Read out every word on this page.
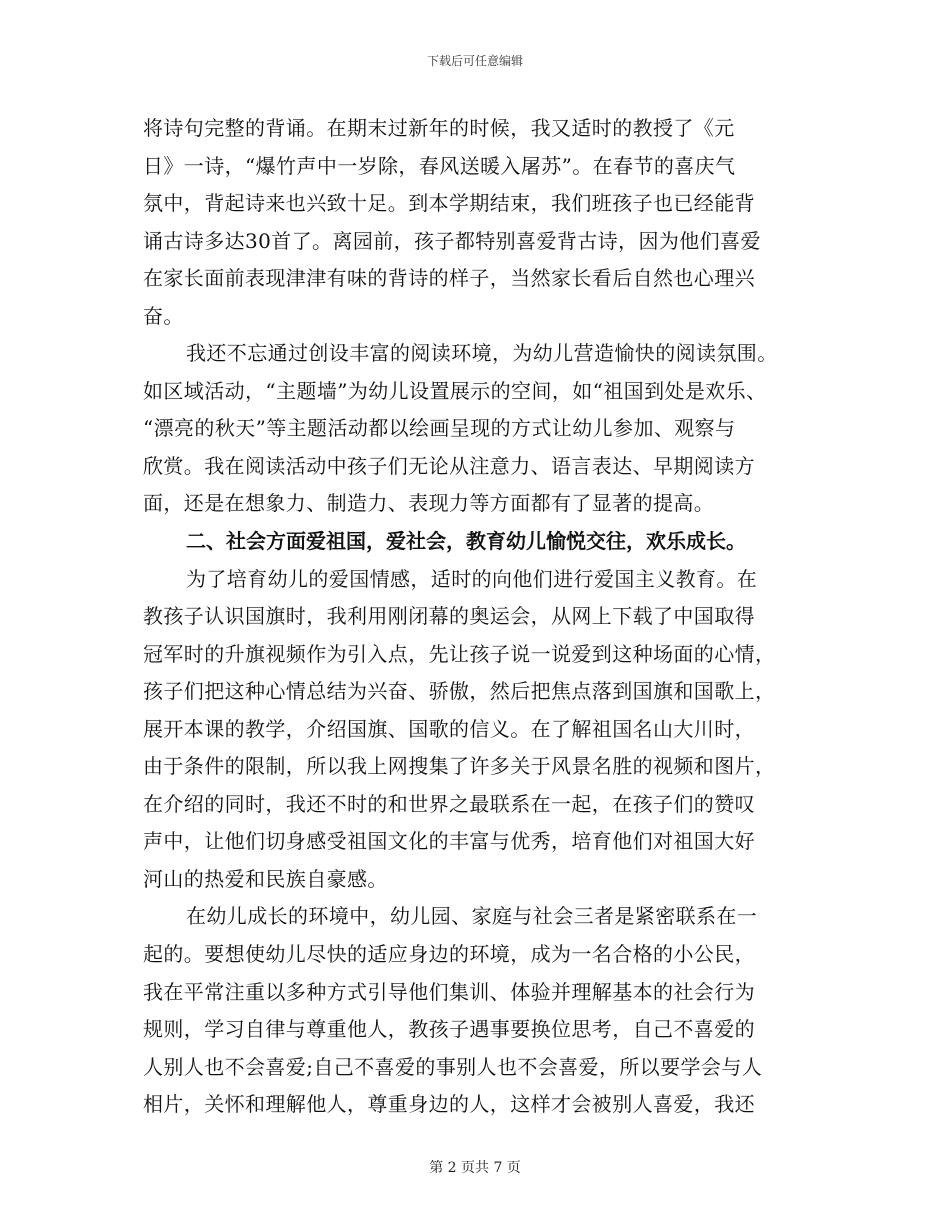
下载后可任意编辑
将诗句完整的背诵。在期末过新年的时候，我又适时的教授了《元
日》一诗，“爆竹声中一岁除，春风送暖入屠苏”。在春节的喜庆气
氛中，背起诗来也兴致十足。到本学期结束，我们班孩子也已经能背
诵古诗多达30首了。离园前，孩子都特别喜爱背古诗，因为他们喜爱
在家长面前表现津津有味的背诗的样子，当然家长看后自然也心理兴
奋。
我还不忘通过创设丰富的阅读环境，为幼儿营造愉快的阅读氛围。
如区域活动，“主题墙”为幼儿设置展示的空间，如“祖国到处是欢乐、
“漂亮的秋天”等主题活动都以绘画呈现的方式让幼儿参加、观察与
欣赏。我在阅读活动中孩子们无论从注意力、语言表达、早期阅读方
面，还是在想象力、制造力、表现力等方面都有了显著的提高。
二、社会方面爱祖国，爱社会，教育幼儿愉悦交往，欢乐成长。
为了培育幼儿的爱国情感，适时的向他们进行爱国主义教育。在
教孩子认识国旗时，我利用刚闭幕的奥运会，从网上下载了中国取得
冠军时的升旗视频作为引入点，先让孩子说一说爱到这种场面的心情，
孩子们把这种心情总结为兴奋、骄傲，然后把焦点落到国旗和国歌上，
展开本课的教学，介绍国旗、国歌的信义。在了解祖国名山大川时，
由于条件的限制，所以我上网搜集了许多关于风景名胜的视频和图片，
在介绍的同时，我还不时的和世界之最联系在一起，在孩子们的赞叹
声中，让他们切身感受祖国文化的丰富与优秀，培育他们对祖国大好
河山的热爱和民族自豪感。
在幼儿成长的环境中，幼儿园、家庭与社会三者是紧密联系在一
起的。要想使幼儿尽快的适应身边的环境，成为一名合格的小公民，
我在平常注重以多种方式引导他们集训、体验并理解基本的社会行为
规则，学习自律与尊重他人，教孩子遇事要换位思考，自己不喜爱的
人别人也不会喜爱;自己不喜爱的事别人也不会喜爱，所以要学会与人
相片，关怀和理解他人，尊重身边的人，这样才会被别人喜爱，我还
第 2 页共 7 页
